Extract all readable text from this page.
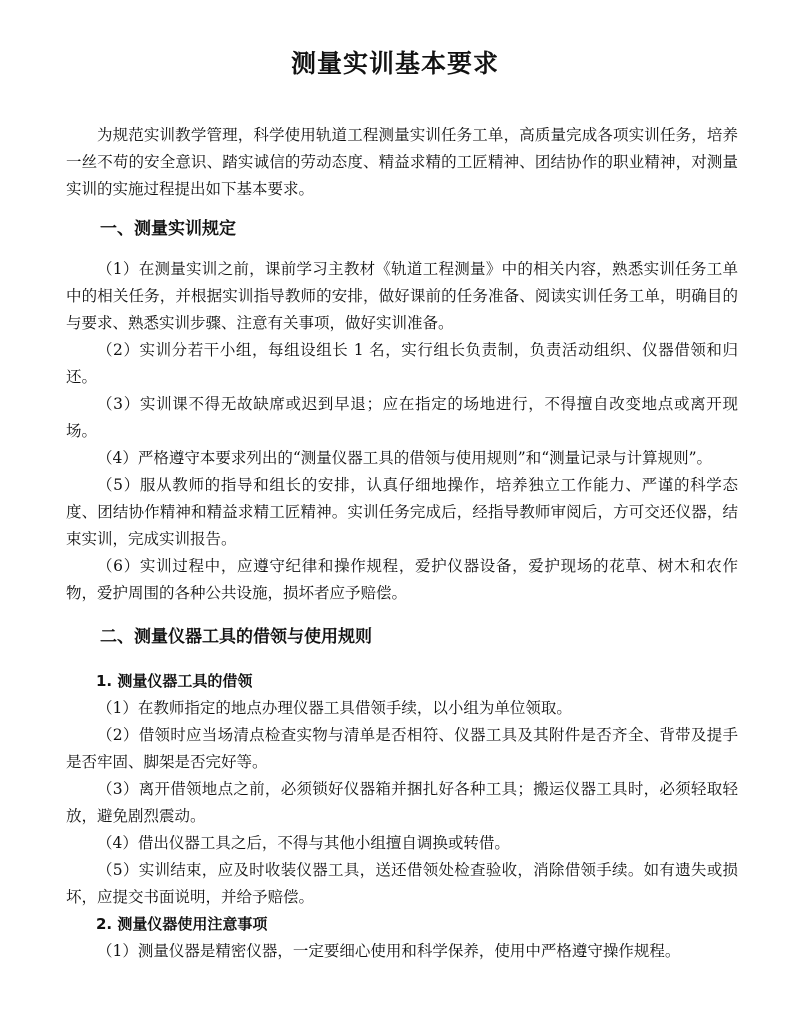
测量实训基本要求

为规范实训教学管理，科学使用轨道工程测量实训任务工单，高质量完成各项实训任务，培养一丝不苟的安全意识、踏实诚信的劳动态度、精益求精的工匠精神、团结协作的职业精神，对测量实训的实施过程提出如下基本要求。

一、测量实训规定

（1）在测量实训之前，课前学习主教材《轨道工程测量》中的相关内容，熟悉实训任务工单中的相关任务，并根据实训指导教师的安排，做好课前的任务准备、阅读实训任务工单，明确目的与要求、熟悉实训步骤、注意有关事项，做好实训准备。

（2）实训分若干小组，每组设组长 1 名，实行组长负责制，负责活动组织、仪器借领和归还。

（3）实训课不得无故缺席或迟到早退；应在指定的场地进行，不得擅自改变地点或离开现场。

（4）严格遵守本要求列出的“测量仪器工具的借领与使用规则”和“测量记录与计算规则”。

（5）服从教师的指导和组长的安排，认真仔细地操作，培养独立工作能力、严谨的科学态度、团结协作精神和精益求精工匠精神。实训任务完成后，经指导教师审阅后，方可交还仪器，结束实训，完成实训报告。

（6）实训过程中，应遵守纪律和操作规程，爱护仪器设备，爱护现场的花草、树木和农作物，爱护周围的各种公共设施，损坏者应予赔偿。

二、测量仪器工具的借领与使用规则
1. 测量仪器工具的借领

（1）在教师指定的地点办理仪器工具借领手续，以小组为单位领取。

（2）借领时应当场清点检查实物与清单是否相符、仪器工具及其附件是否齐全、背带及提手是否牢固、脚架是否完好等。

（3）离开借领地点之前，必须锁好仪器箱并捆扎好各种工具；搬运仪器工具时，必须轻取轻放，避免剧烈震动。

（4）借出仪器工具之后，不得与其他小组擅自调换或转借。

（5）实训结束，应及时收装仪器工具，送还借领处检查验收，消除借领手续。如有遗失或损坏，应提交书面说明，并给予赔偿。

2. 测量仪器使用注意事项

（1）测量仪器是精密仪器，一定要细心使用和科学保养，使用中严格遵守操作规程。
